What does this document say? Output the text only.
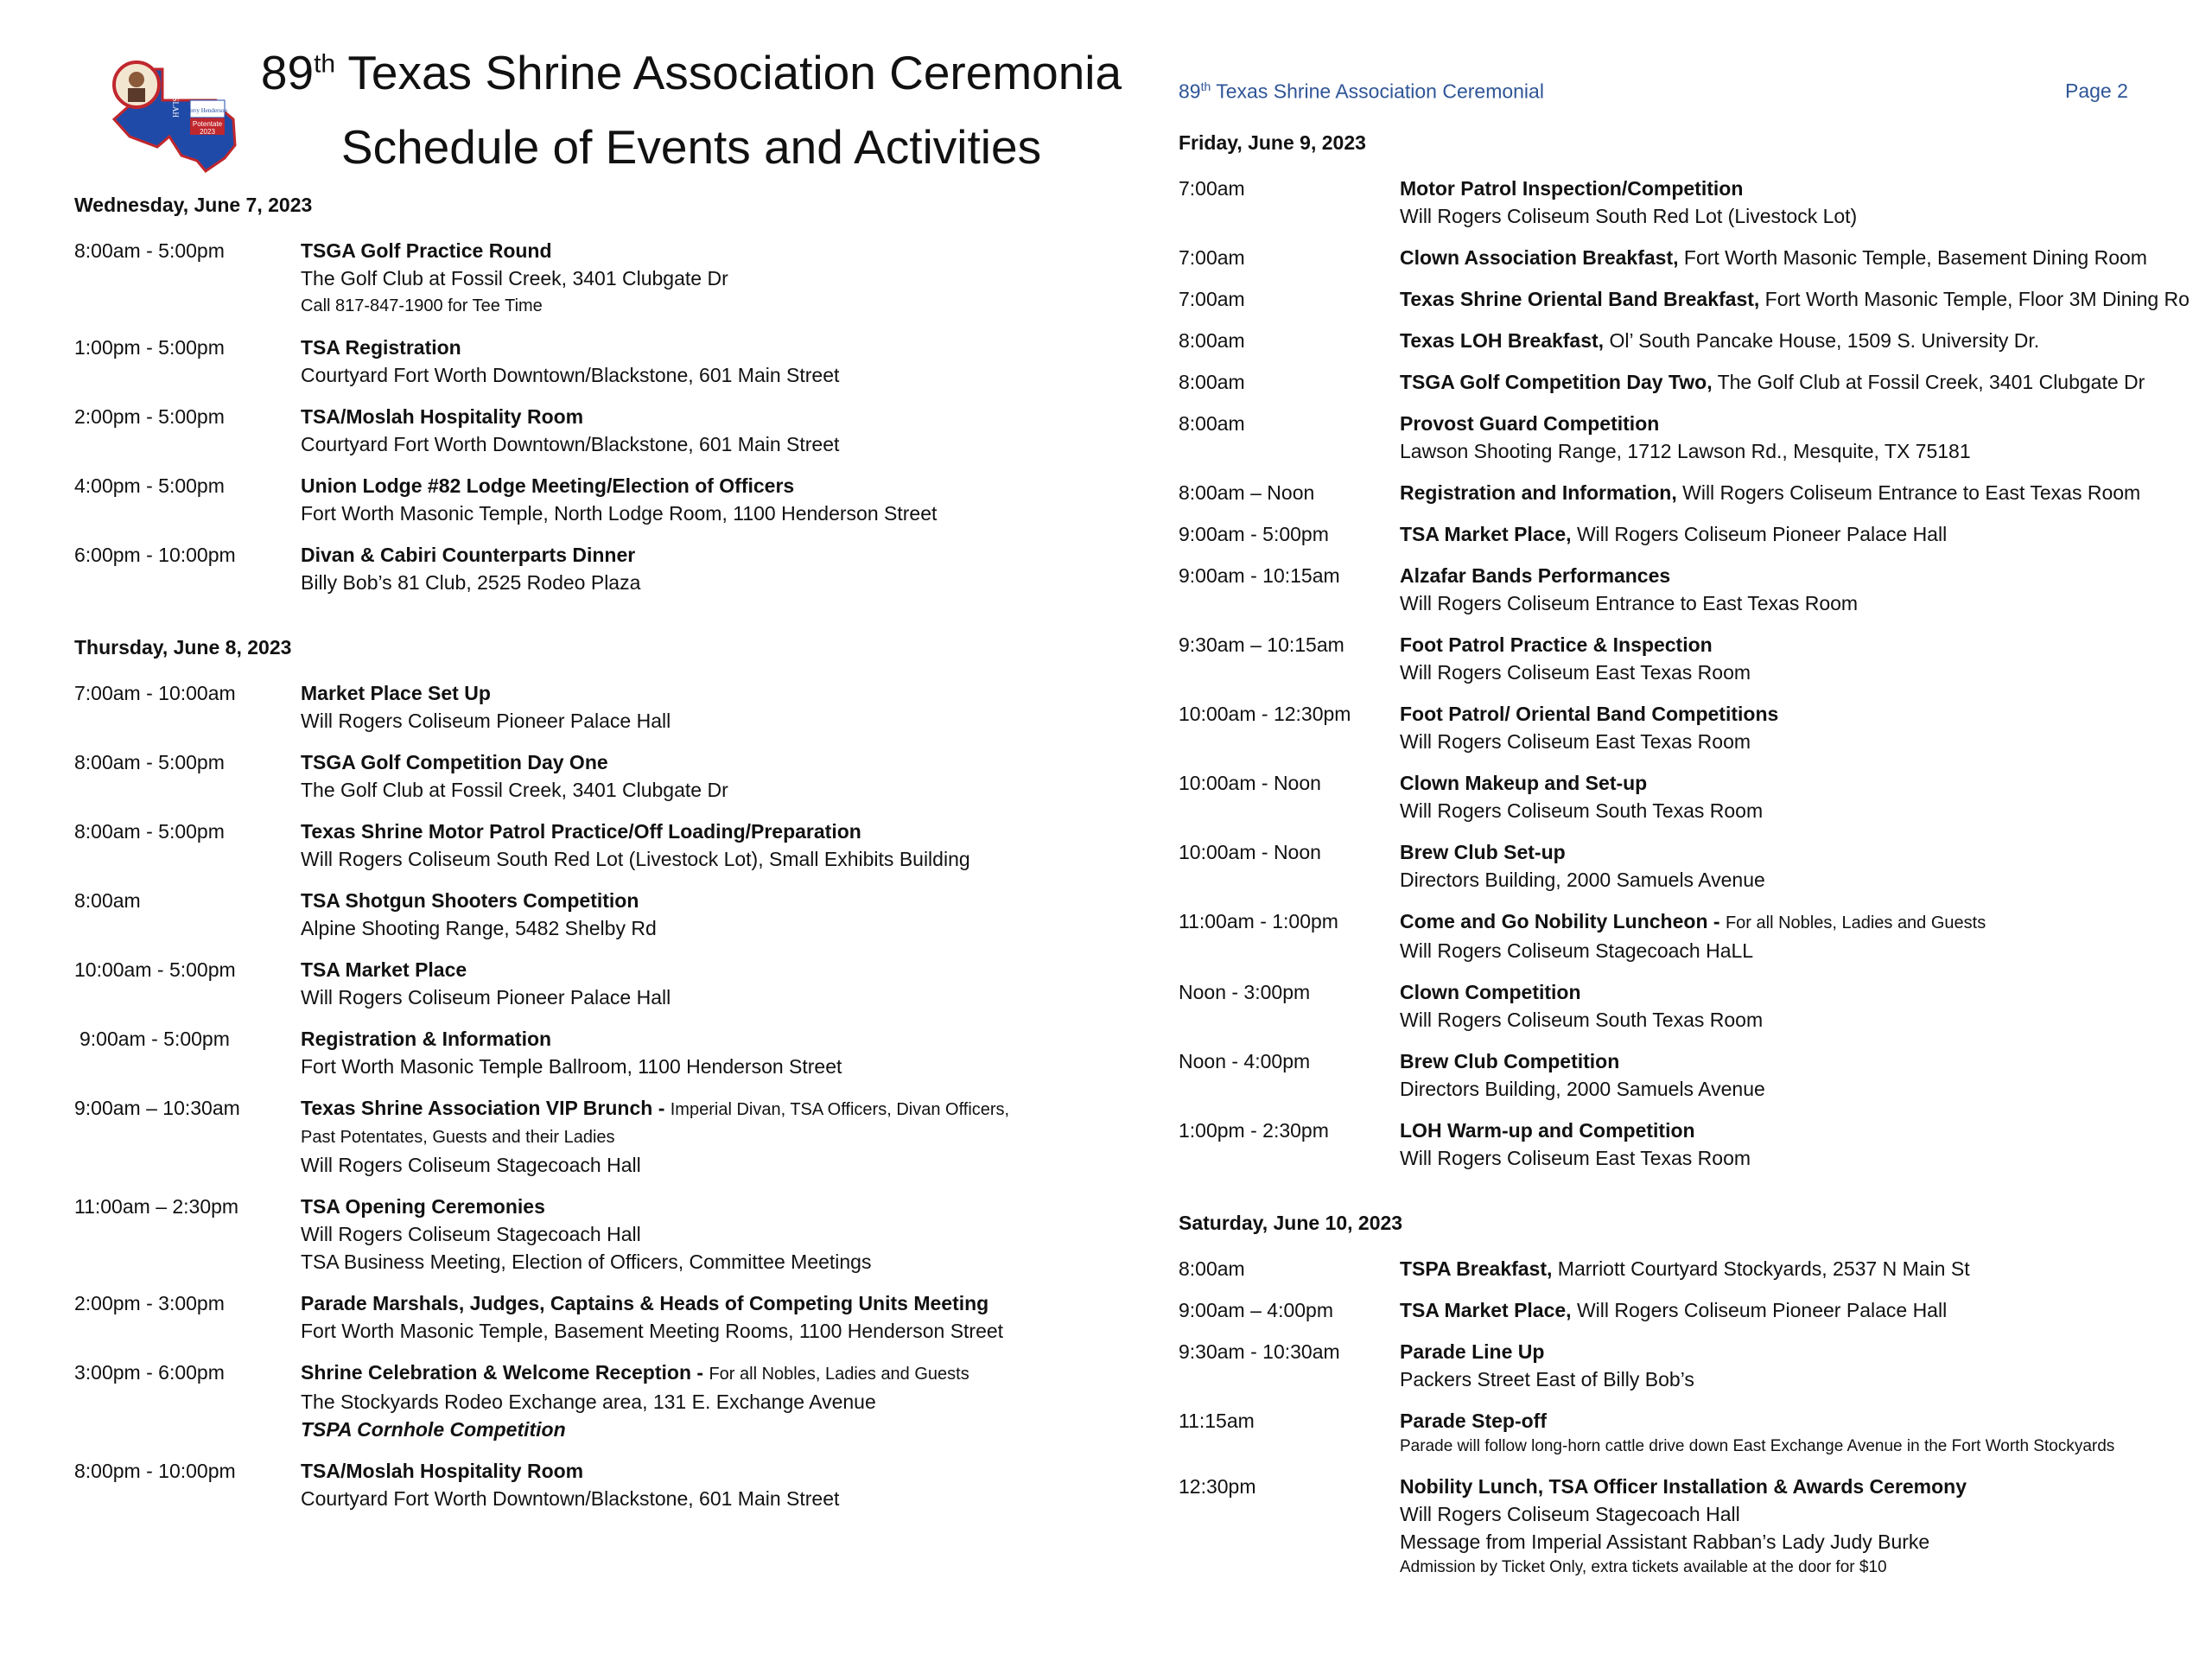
Jerry Henderson
Potentate
2023
MOSLAH
89th Texas Shrine Association Ceremonia
Schedule of Events and Activities
89th Texas Shrine Association Ceremonial	Page 2
Wednesday, June 7, 2023
8:00am - 5:00pm	TSGA Golf Practice Round
The Golf Club at Fossil Creek, 3401 Clubgate Dr
Call 817-847-1900 for Tee Time
1:00pm - 5:00pm	TSA Registration
Courtyard Fort Worth Downtown/Blackstone, 601 Main Street
2:00pm - 5:00pm	TSA/Moslah Hospitality Room
Courtyard Fort Worth Downtown/Blackstone, 601 Main Street
4:00pm - 5:00pm	Union Lodge #82 Lodge Meeting/Election of Officers
Fort Worth Masonic Temple, North Lodge Room, 1100 Henderson Street
6:00pm - 10:00pm	Divan & Cabiri Counterparts Dinner
Billy Bob’s 81 Club, 2525 Rodeo Plaza
Thursday, June 8, 2023
7:00am - 10:00am	Market Place Set Up
Will Rogers Coliseum Pioneer Palace Hall
8:00am - 5:00pm	TSGA Golf Competition Day One
The Golf Club at Fossil Creek, 3401 Clubgate Dr
8:00am - 5:00pm	Texas Shrine Motor Patrol Practice/Off Loading/Preparation
Will Rogers Coliseum South Red Lot (Livestock Lot), Small Exhibits Building
8:00am	TSA Shotgun Shooters Competition
Alpine Shooting Range, 5482 Shelby Rd
10:00am - 5:00pm	TSA Market Place
Will Rogers Coliseum Pioneer Palace Hall
9:00am - 5:00pm	Registration & Information
Fort Worth Masonic Temple Ballroom, 1100 Henderson Street
9:00am – 10:30am	Texas Shrine Association VIP Brunch - Imperial Divan, TSA Officers, Divan Officers,
Past Potentates, Guests and their Ladies
Will Rogers Coliseum Stagecoach Hall
11:00am – 2:30pm	TSA Opening Ceremonies
Will Rogers Coliseum Stagecoach Hall
TSA Business Meeting, Election of Officers, Committee Meetings
2:00pm - 3:00pm	Parade Marshals, Judges, Captains & Heads of Competing Units Meeting
Fort Worth Masonic Temple, Basement Meeting Rooms, 1100 Henderson Street
3:00pm - 6:00pm	Shrine Celebration & Welcome Reception - For all Nobles, Ladies and Guests
The Stockyards Rodeo Exchange area, 131 E. Exchange Avenue
TSPA Cornhole Competition
8:00pm - 10:00pm	TSA/Moslah Hospitality Room
Courtyard Fort Worth Downtown/Blackstone, 601 Main Street
Friday, June 9, 2023
7:00am	Motor Patrol Inspection/Competition
Will Rogers Coliseum South Red Lot (Livestock Lot)
7:00am	Clown Association Breakfast, Fort Worth Masonic Temple, Basement Dining Room
7:00am	Texas Shrine Oriental Band Breakfast, Fort Worth Masonic Temple, Floor 3M Dining Ro
8:00am	Texas LOH Breakfast, Ol’ South Pancake House, 1509 S. University Dr.
8:00am	TSGA Golf Competition Day Two, The Golf Club at Fossil Creek, 3401 Clubgate Dr
8:00am	Provost Guard Competition
Lawson Shooting Range, 1712 Lawson Rd., Mesquite, TX 75181
8:00am – Noon	Registration and Information, Will Rogers Coliseum Entrance to East Texas Room
9:00am - 5:00pm	TSA Market Place, Will Rogers Coliseum Pioneer Palace Hall
9:00am - 10:15am	Alzafar Bands Performances
Will Rogers Coliseum Entrance to East Texas Room
9:30am – 10:15am	Foot Patrol Practice & Inspection
Will Rogers Coliseum East Texas Room
10:00am - 12:30pm Foot Patrol/ Oriental Band Competitions
Will Rogers Coliseum East Texas Room
10:00am - Noon	Clown Makeup and Set-up
Will Rogers Coliseum South Texas Room
10:00am - Noon	Brew Club Set-up
Directors Building, 2000 Samuels Avenue
11:00am - 1:00pm	Come and Go Nobility Luncheon - For all Nobles, Ladies and Guests
Will Rogers Coliseum Stagecoach HaLL
Noon - 3:00pm	Clown Competition
Will Rogers Coliseum South Texas Room
Noon - 4:00pm	Brew Club Competition
Directors Building, 2000 Samuels Avenue
1:00pm - 2:30pm	LOH Warm-up and Competition
Will Rogers Coliseum East Texas Room
Saturday, June 10, 2023
8:00am	TSPA Breakfast, Marriott Courtyard Stockyards, 2537 N Main St
9:00am – 4:00pm	TSA Market Place, Will Rogers Coliseum Pioneer Palace Hall
9:30am - 10:30am	Parade Line Up
Packers Street East of Billy Bob’s
11:15am	Parade Step-off
Parade will follow long-horn cattle drive down East Exchange Avenue in the Fort Worth Stockyards
12:30pm	Nobility Lunch, TSA Officer Installation & Awards Ceremony
Will Rogers Coliseum Stagecoach Hall
Message from Imperial Assistant Rabban’s Lady Judy Burke
Admission by Ticket Only, extra tickets available at the door for $10
